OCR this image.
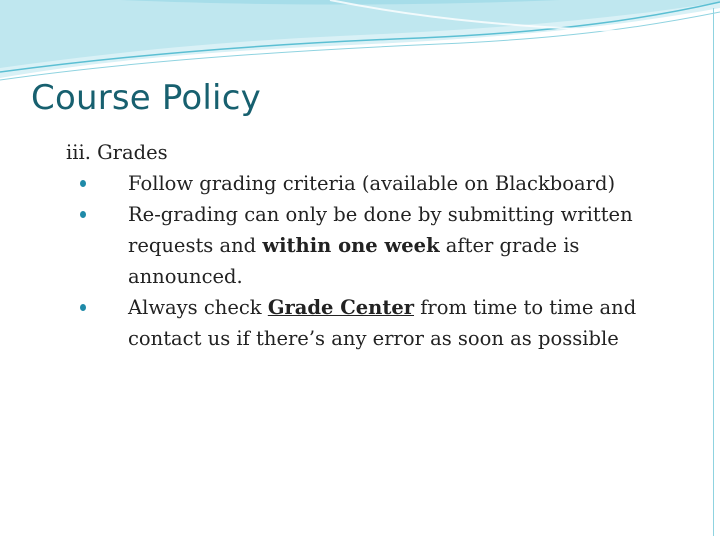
Course Policy

iii. Grades

Follow grading criteria (available on Blackboard)
Re-grading can only be done by submitting written requests and within one week after grade is announced.
Always check Grade Center from time to time and contact us if there’s any error as soon as possible
